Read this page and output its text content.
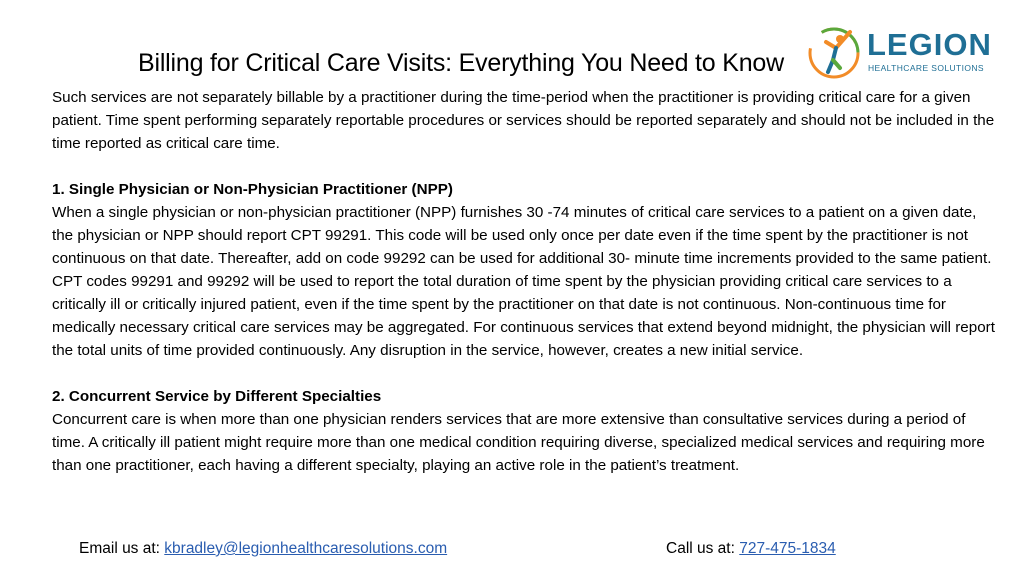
Billing for Critical Care Visits: Everything You Need to Know
LEGION
HEALTHCARE SOLUTIONS

Such services are not separately billable by a practitioner during the time-period when the practitioner is providing critical care for a given patient. Time spent performing separately reportable procedures or services should be reported separately and should not be included in the time reported as critical care time.

1. Single Physician or Non-Physician Practitioner (NPP)

When a single physician or non-physician practitioner (NPP) furnishes 30 -74 minutes of critical care services to a patient on a given date, the physician or NPP should report CPT 99291. This code will be used only once per date even if the time spent by the practitioner is not continuous on that date. Thereafter, add on code 99292 can be used for additional 30- minute time increments provided to the same patient. CPT codes 99291 and 99292 will be used to report the total duration of time spent by the physician providing critical care services to a critically ill or critically injured patient, even if the time spent by the practitioner on that date is not continuous. Non-continuous time for medically necessary critical care services may be aggregated. For continuous services that extend beyond midnight, the physician will report the total units of time provided continuously. Any disruption in the service, however, creates a new initial service.

2. Concurrent Service by Different Specialties

Concurrent care is when more than one physician renders services that are more extensive than consultative services during a period of time. A critically ill patient might require more than one medical condition requiring diverse, specialized medical services and requiring more than one practitioner, each having a different specialty, playing an active role in the patient’s treatment.

Email us at: kbradley@legionhealthcaresolutions.com	Call us at: 727-475-1834
